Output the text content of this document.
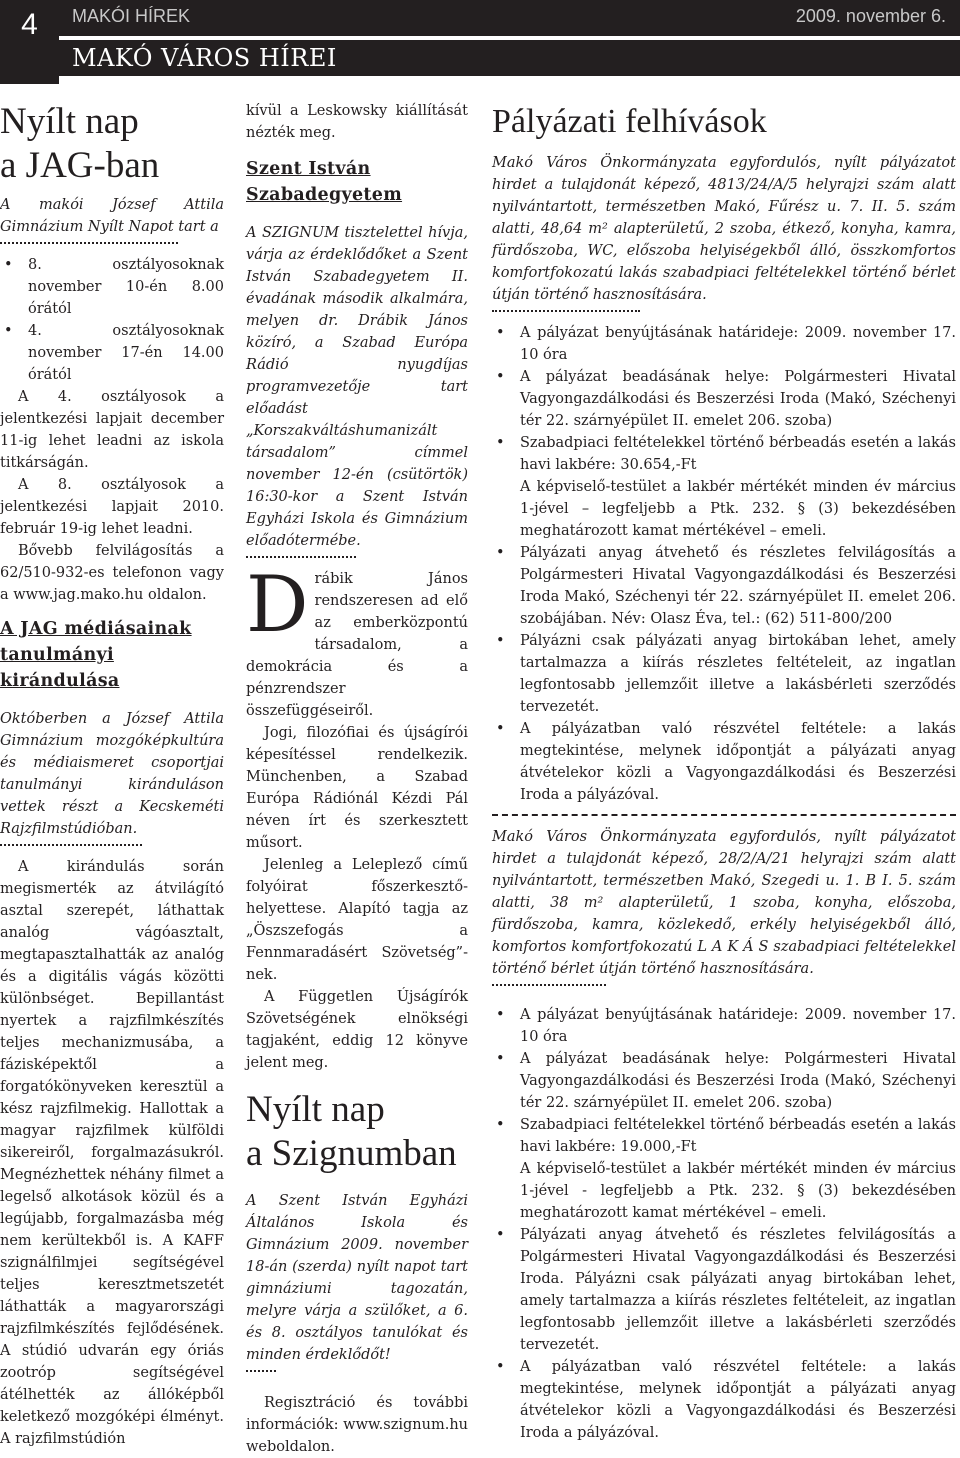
4	MAKÓI HÍREK	2009. november 6.
MAKÓ VÁROS HÍREI
Nyílt nap
a JAG-ban

A makói József Attila Gimnázium Nyílt Napot tart a

• 8. osztályosoknak november 10-én 8.00 órától
• 4. osztályosoknak november 17-én 14.00 órától

A 4. osztályosok a jelentkezési lapjait december 11-ig lehet leadni az iskola titkárságán.

A 8. osztályosok a jelentkezési lapjait 2010. február 19-ig lehet leadni.

Bővebb felvilágosítás a 62/510-932-es telefonon vagy a www.jag.mako.hu oldalon.

A JAG médiásainak tanulmányi kirándulása

Októberben a József Attila Gimnázium mozgóképkultúra és médiaismeret csoportjai tanulmányi kiránduláson vettek részt a Kecskeméti Rajzfilmstúdióban.

A kirándulás során megismerték az átvilágító asztal szerepét, láthattak analóg vágóasztalt, megtapasztalhatták az analóg és a digitális vágás közötti különbséget. Bepillantást nyertek a rajzfilmkészítés teljes mechanizmusába, a fázisképektől a forgatókönyveken keresztül a kész rajzfilmekig. Hallottak a magyar rajzfilmek külföldi sikereiről, forgalmazásukról. Megnézhettek néhány filmet a legelső alkotások közül és a legújabb, forgalmazásba még nem kerültekből is. A KAFF szignálfilmjei segítségével teljes keresztmetszetét láthatták a magyarországi rajzfilmkészítés fejlődésének. A stúdió udvarán egy óriás zootróp segítségével átélhették az állóképből keletkező mozgóképi élményt. A rajzfilmstúdión

kívül a Leskowsky kiállítását nézték meg.

Szent István Szabadegyetem

A SZIGNUM tisztelettel hívja, várja az érdeklődőket a Szent István Szabadegyetem II. évadának második alkalmára, melyen dr. Drábik János közíró, a Szabad Európa Rádió nyugdíjas programvezetője tart előadást „Korszakváltáshumanizált társadalom” címmel november 12-én (csütörtök) 16:30-kor a Szent István Egyházi Iskola és Gimnázium előadótermébe.

Drábik János rendszeresen ad elő az emberközpontú társadalom, a demokrácia és a pénzrendszer összefüggéseiről.

Jogi, filozófiai és újságírói képesítéssel rendelkezik. Münchenben, a Szabad Európa Rádiónál Kézdi Pál néven írt és szerkesztett műsort.

Jelenleg a Leleplező című folyóirat főszerkesztő-helyettese. Alapító tagja az „Öszszefogás a Fennmaradásért Szövetség”-nek.

A Független Újságírók Szövetségének elnökségi tagjaként, eddig 12 könyve jelent meg.

Nyílt nap
a Szignumban

A Szent István Egyházi Általános Iskola és Gimnázium 2009. november 18-án (szerda) nyílt napot tart gimnáziumi tagozatán, melyre várja a szülőket, a 6. és 8. osztályos tanulókat és minden érdeklődőt!

Regisztráció és további információk: www.szignum.hu weboldalon.

Pályázati felhívások

Makó Város Önkormányzata egyfordulós, nyílt pályázatot hirdet a tulajdonát képező, 4813/24/A/5 helyrajzi szám alatt nyilvántartott, természetben Makó, Fűrész u. 7. II. 5. szám alatti, 48,64 m² alapterületű, 2 szoba, étkező, konyha, kamra, fürdőszoba, WC, előszoba helyiségekből álló, összkomfortos komfortfokozatú lakás szabadpiaci feltételekkel történő bérlet útján történő hasznosítására.

• A pályázat benyújtásának határideje: 2009. november 17. 10 óra
• A pályázat beadásának helye: Polgármesteri Hivatal Vagyongazdálkodási és Beszerzési Iroda (Makó, Széchenyi tér 22. szárnyépület II. emelet 206. szoba)
• Szabadpiaci feltételekkel történő bérbeadás esetén a lakás havi lakbére: 30.654,-Ft
A képviselő-testület a lakbér mértékét minden év március 1-jével – legfeljebb a Ptk. 232. § (3) bekezdésében meghatározott kamat mértékével – emeli.
• Pályázati anyag átvehető és részletes felvilágosítás a Polgármesteri Hivatal Vagyongazdálkodási és Beszerzési Iroda Makó, Széchenyi tér 22. szárnyépület II. emelet 206. szobájában. Név: Olasz Éva, tel.: (62) 511-800/200
• Pályázni csak pályázati anyag birtokában lehet, amely tartalmazza a kiírás részletes feltételeit, az ingatlan legfontosabb jellemzőit illetve a lakásbérleti szerződés tervezetét.
• A pályázatban való részvétel feltétele: a lakás megtekintése, melynek időpontját a pályázati anyag átvételekor közli a Vagyongazdálkodási és Beszerzési Iroda a pályázóval.

Makó Város Önkormányzata egyfordulós, nyílt pályázatot hirdet a tulajdonát képező, 28/2/A/21 helyrajzi szám alatt nyilvántartott, természetben Makó, Szegedi u. 1. B I. 5. szám alatti, 38 m² alapterületű, 1 szoba, konyha, előszoba, fürdőszoba, kamra, közlekedő, erkély helyiségekből álló, komfortos komfortfokozatú L A K Á S szabadpiaci feltételekkel történő bérlet útján történő hasznosítására.

• A pályázat benyújtásának határideje: 2009. november 17. 10 óra
• A pályázat beadásának helye: Polgármesteri Hivatal Vagyongazdálkodási és Beszerzési Iroda (Makó, Széchenyi tér 22. szárnyépület II. emelet 206. szoba)
• Szabadpiaci feltételekkel történő bérbeadás esetén a lakás havi lakbére: 19.000,-Ft
A képviselő-testület a lakbér mértékét minden év március 1-jével - legfeljebb a Ptk. 232. § (3) bekezdésében meghatározott kamat mértékével – emeli.
• Pályázati anyag átvehető és részletes felvilágosítás a Polgármesteri Hivatal Vagyongazdálkodási és Beszerzési Iroda. Pályázni csak pályázati anyag birtokában lehet, amely tartalmazza a kiírás részletes feltételeit, az ingatlan legfontosabb jellemzőit illetve a lakásbérleti szerződés tervezetét.
• A pályázatban való részvétel feltétele: a lakás megtekintése, melynek időpontját a pályázati anyag átvételekor közli a Vagyongazdálkodási és Beszerzési Iroda a pályázóval.
